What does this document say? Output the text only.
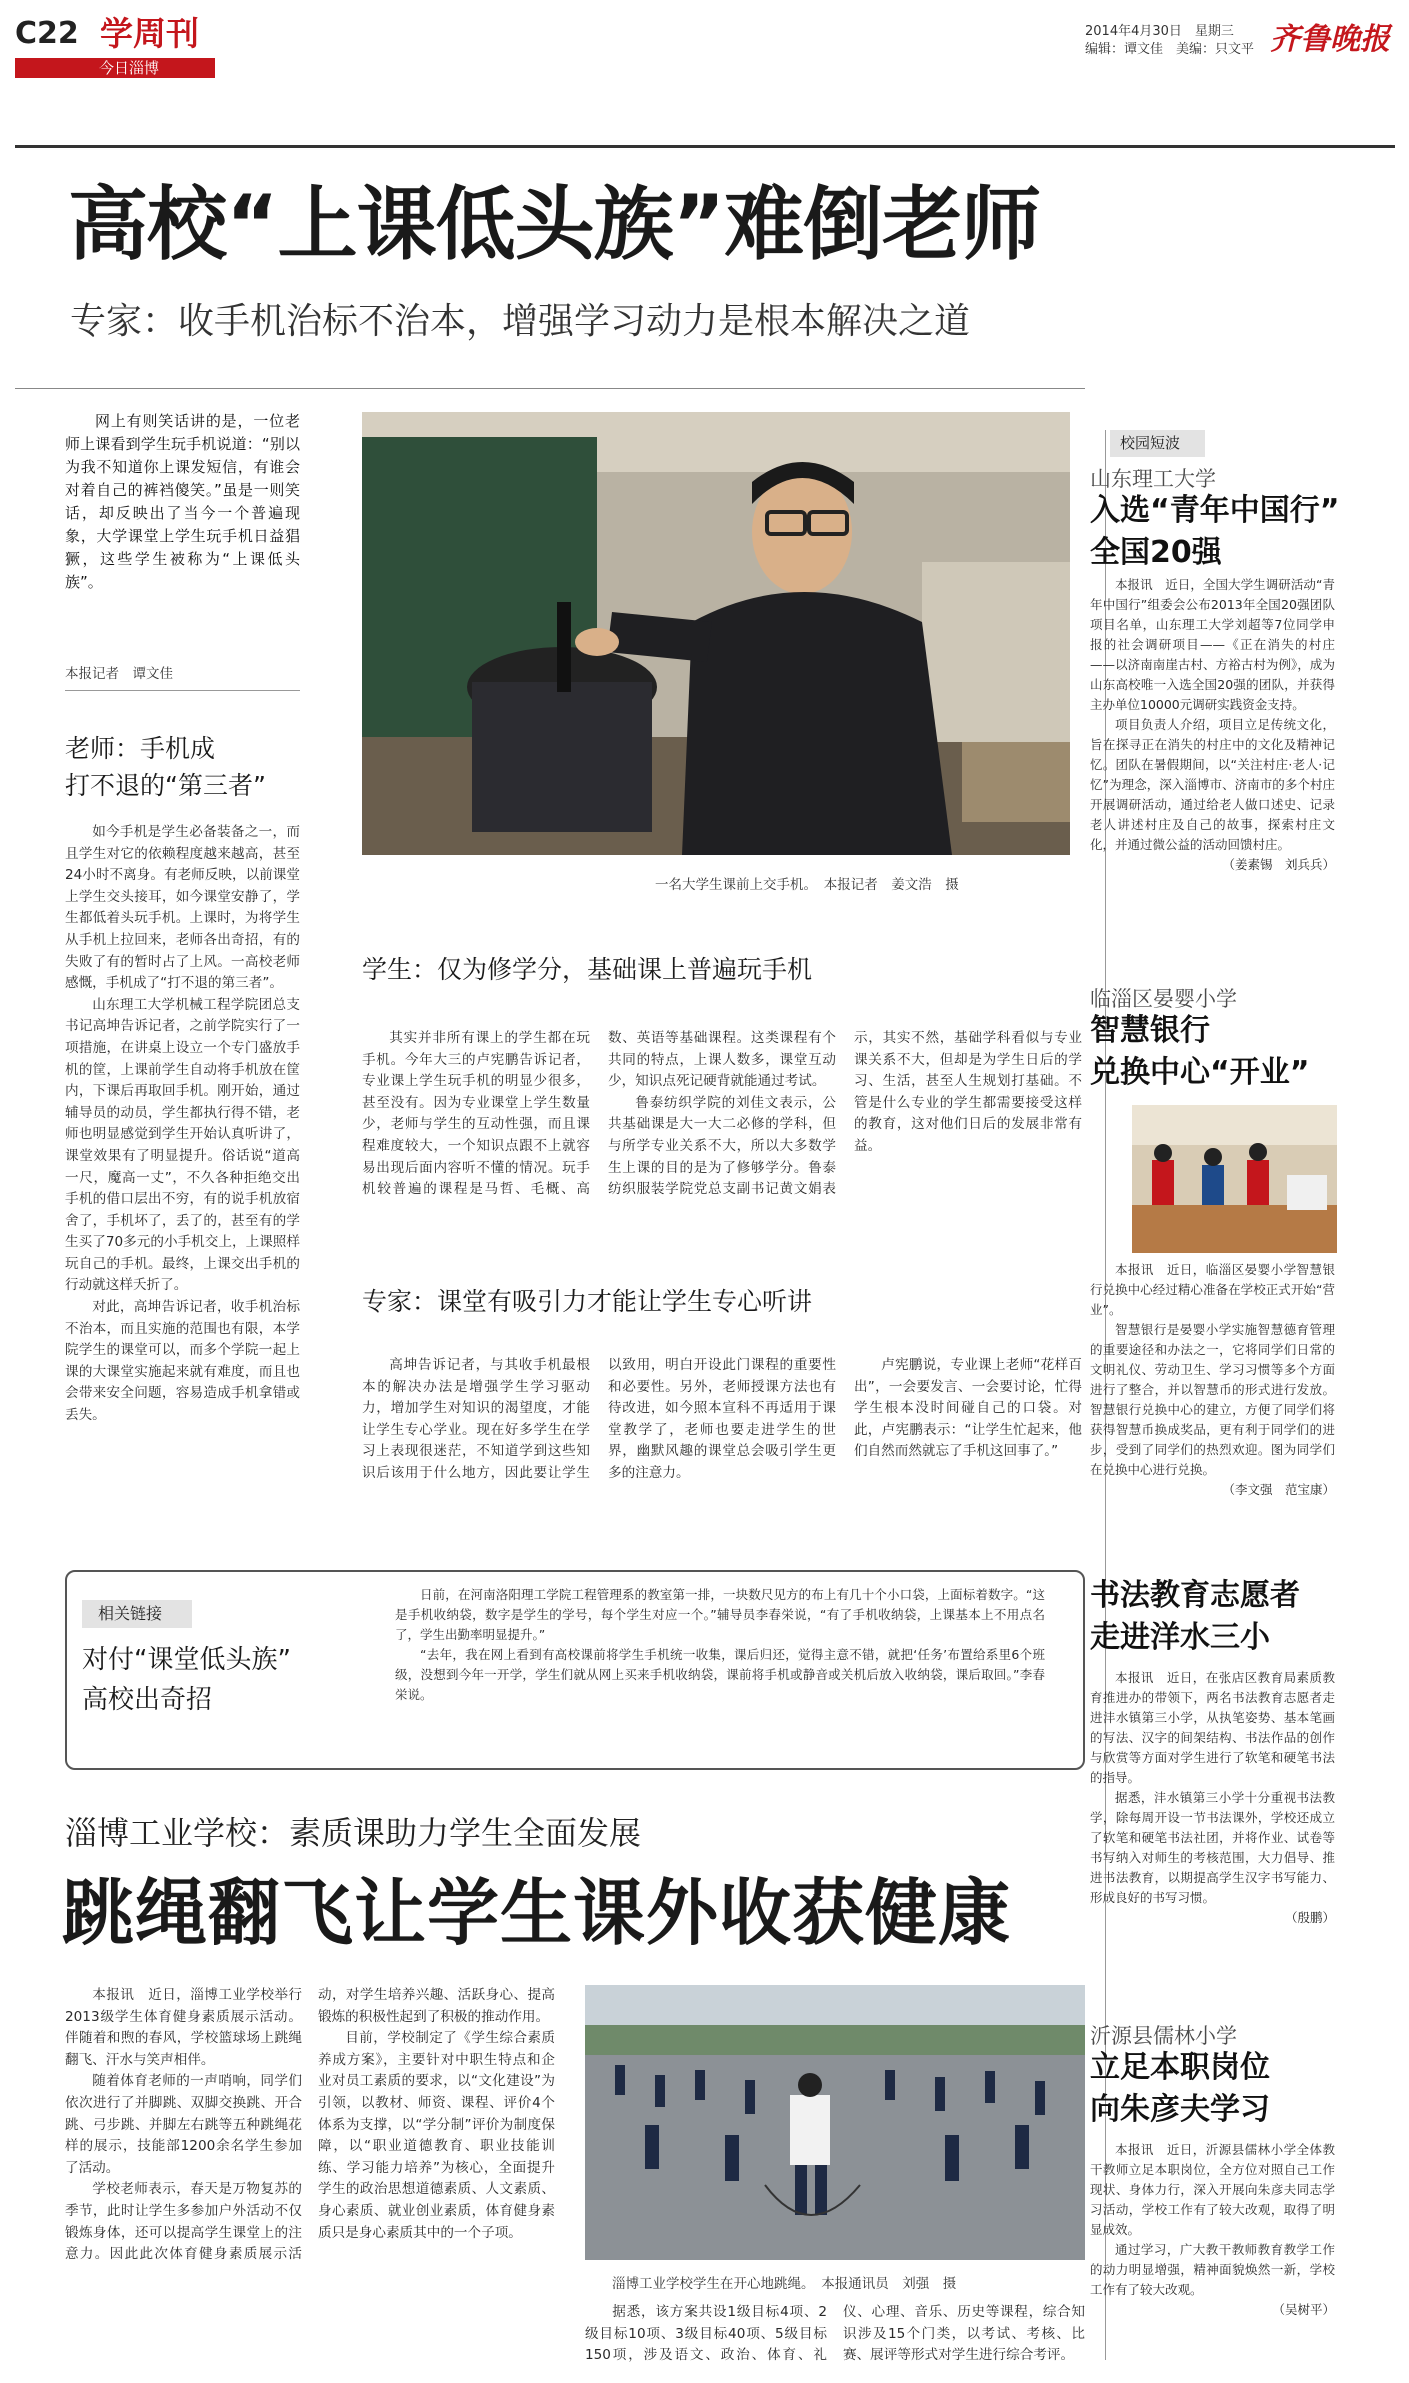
C22 学周刊
今日淄博
2014年4月30日　星期三
编辑：谭文佳　美编：只文平 齐鲁晚报
高校“上课低头族”难倒老师
专家：收手机治标不治本，增强学习动力是根本解决之道

网上有则笑话讲的是，一位老师上课看到学生玩手机说道：“别以为我不知道你上课发短信，有谁会对着自己的裤裆傻笑。”虽是一则笑话，却反映出了当今一个普遍现象，大学课堂上学生玩手机日益猖獗，这些学生被称为“上课低头族”。

本报记者　谭文佳
老师：手机成
打不退的“第三者”

如今手机是学生必备装备之一，而且学生对它的依赖程度越来越高，甚至24小时不离身。有老师反映，以前课堂上学生交头接耳，如今课堂安静了，学生都低着头玩手机。上课时，为将学生从手机上拉回来，老师各出奇招，有的失败了有的暂时占了上风。一高校老师感慨，手机成了“打不退的第三者”。

山东理工大学机械工程学院团总支书记高坤告诉记者，之前学院实行了一项措施，在讲桌上设立一个专门盛放手机的筐，上课前学生自动将手机放在筐内，下课后再取回手机。刚开始，通过辅导员的动员，学生都执行得不错，老师也明显感觉到学生开始认真听讲了，课堂效果有了明显提升。俗话说“道高一尺，魔高一丈”，不久各种拒绝交出手机的借口层出不穷，有的说手机放宿舍了，手机坏了，丢了的，甚至有的学生买了70多元的小手机交上，上课照样玩自己的手机。最终，上课交出手机的行动就这样夭折了。

对此，高坤告诉记者，收手机治标不治本，而且实施的范围也有限，本学院学生的课堂可以，而多个学院一起上课的大课堂实施起来就有难度，而且也会带来安全问题，容易造成手机拿错或丢失。

一名大学生课前上交手机。　本报记者　姜文浩　摄
学生：仅为修学分，基础课上普遍玩手机

其实并非所有课上的学生都在玩手机。今年大三的卢宪鹏告诉记者，专业课上学生玩手机的明显少很多，甚至没有。因为专业课堂上学生数量少，老师与学生的互动性强，而且课程难度较大，一个知识点跟不上就容易出现后面内容听不懂的情况。玩手机较普遍的课程是马哲、毛概、高数、英语等基础课程。这类课程有个共同的特点，上课人数多，课堂互动少，知识点死记硬背就能通过考试。

鲁泰纺织学院的刘佳文表示，公共基础课是大一大二必修的学科，但与所学专业关系不大，所以大多数学生上课的目的是为了修够学分。鲁泰纺织服装学院党总支副书记黄文娟表示，其实不然，基础学科看似与专业课关系不大，但却是为学生日后的学习、生活，甚至人生规划打基础。不管是什么专业的学生都需要接受这样的教育，这对他们日后的发展非常有益。

专家：课堂有吸引力才能让学生专心听讲

高坤告诉记者，与其收手机最根本的解决办法是增强学生学习驱动力，增加学生对知识的渴望度，才能让学生专心学业。现在好多学生在学习上表现很迷茫，不知道学到这些知识后该用于什么地方，因此要让学生以致用，明白开设此门课程的重要性和必要性。另外，老师授课方法也有待改进，如今照本宣科不再适用于课堂教学了，老师也要走进学生的世界，幽默风趣的课堂总会吸引学生更多的注意力。

卢宪鹏说，专业课上老师“花样百出”，一会要发言、一会要讨论，忙得学生根本没时间碰自己的口袋。对此，卢宪鹏表示：“让学生忙起来，他们自然而然就忘了手机这回事了。”

相关链接
对付“课堂低头族”
高校出奇招

日前，在河南洛阳理工学院工程管理系的教室第一排，一块数尺见方的布上有几十个小口袋，上面标着数字。“这是手机收纳袋，数字是学生的学号，每个学生对应一个。”辅导员李春栄说，“有了手机收纳袋，上课基本上不用点名了，学生出勤率明显提升。”

“去年，我在网上看到有高校课前将学生手机统一收集，课后归还，觉得主意不错，就把‘任务’布置给系里6个班级，没想到今年一开学，学生们就从网上买来手机收纳袋，课前将手机或静音或关机后放入收纳袋，课后取回。”李春栄说。

淄博工业学校：素质课助力学生全面发展
跳绳翻飞让学生课外收获健康

本报讯　近日，淄博工业学校举行2013级学生体育健身素质展示活动。伴随着和煦的春风，学校篮球场上跳绳翻飞、汗水与笑声相伴。

随着体育老师的一声哨响，同学们依次进行了并脚跳、双脚交换跳、开合跳、弓步跳、并脚左右跳等五种跳绳花样的展示，技能部1200余名学生参加了活动。

学校老师表示，春天是万物复苏的季节，此时让学生多参加户外活动不仅锻炼身体，还可以提高学生课堂上的注意力。因此此次体育健身素质展示活动，对学生培养兴趣、活跃身心、提高锻炼的积极性起到了积极的推动作用。

目前，学校制定了《学生综合素质养成方案》，主要针对中职生特点和企业对员工素质的要求，以“文化建设”为引领，以教材、师资、课程、评价4个体系为支撑，以“学分制”评价为制度保障，以“职业道德教育、职业技能训练、学习能力培养”为核心，全面提升学生的政治思想道德素质、人文素质、身心素质、就业创业素质，体育健身素质只是身心素质其中的一个子项。

淄博工业学校学生在开心地跳绳。　本报通讯员　刘强　摄

据悉，该方案共设1级目标4项、2级目标10项、3级目标40项、5级目标150项，涉及语文、政治、体育、礼仪、心理、音乐、历史等课程，综合知识涉及15个门类，以考试、考核、比赛、展评等形式对学生进行综合考评。

校园短波
山东理工大学
入选“青年中国行”
全国20强

本报讯　近日，全国大学生调研活动“青年中国行”组委会公布2013年全国20强团队项目名单，山东理工大学刘超等7位同学申报的社会调研项目——《正在消失的村庄——以济南南崖古村、方裕古村为例》，成为山东高校唯一入选全国20强的团队，并获得主办单位10000元调研实践资金支持。

项目负责人介绍，项目立足传统文化，旨在探寻正在消失的村庄中的文化及精神记忆。团队在暑假期间，以“关注村庄·老人·记忆”为理念，深入淄博市、济南市的多个村庄开展调研活动，通过给老人做口述史、记录老人讲述村庄及自己的故事，探索村庄文化，并通过微公益的活动回馈村庄。

（姜素锡　刘兵兵）

临淄区晏婴小学
智慧银行
兑换中心“开业”

本报讯　近日，临淄区晏婴小学智慧银行兑换中心经过精心准备在学校正式开始“营业”。

智慧银行是晏婴小学实施智慧德育管理的重要途径和办法之一，它将同学们日常的文明礼仪、劳动卫生、学习习惯等多个方面进行了整合，并以智慧币的形式进行发放。智慧银行兑换中心的建立，方便了同学们将获得智慧币换成奖品，更有利于同学们的进步，受到了同学们的热烈欢迎。图为同学们在兑换中心进行兑换。

（李文强　范宝康）

书法教育志愿者
走进洋水三小

本报讯　近日，在张店区教育局素质教育推进办的带领下，两名书法教育志愿者走进沣水镇第三小学，从执笔姿势、基本笔画的写法、汉字的间架结构、书法作品的创作与欣赏等方面对学生进行了软笔和硬笔书法的指导。

据悉，沣水镇第三小学十分重视书法教学，除每周开设一节书法课外，学校还成立了软笔和硬笔书法社团，并将作业、试卷等书写纳入对师生的考核范围，大力倡导、推进书法教育，以期提高学生汉字书写能力、形成良好的书写习惯。

（殷鹏）

沂源县儒林小学
立足本职岗位
向朱彦夫学习

本报讯　近日，沂源县儒林小学全体教干教师立足本职岗位，全方位对照自己工作现状、身体力行，深入开展向朱彦夫同志学习活动，学校工作有了较大改观，取得了明显成效。

通过学习，广大教干教师教育教学工作的动力明显增强，精神面貌焕然一新，学校工作有了较大改观。

（吴树平）
